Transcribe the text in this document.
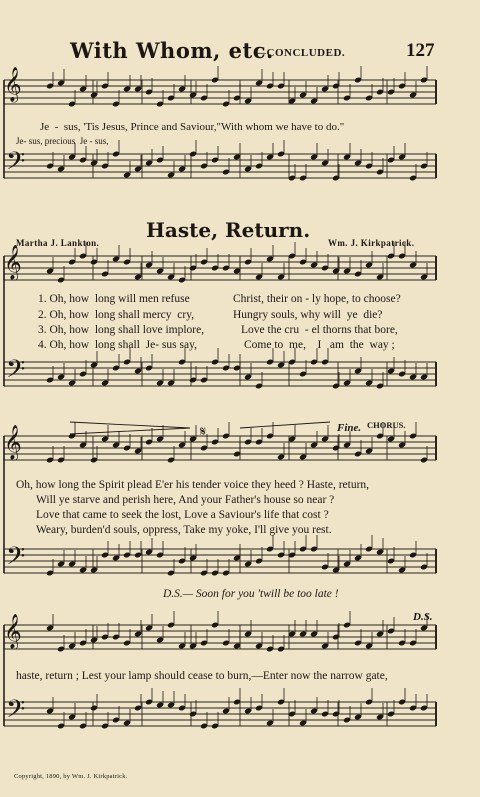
With Whom, etc.
—CONCLUDED.	127
𝄞
𝄢
𝄞
𝄢
𝄞
𝄢
𝄞
𝄢
𝄋
Je  -  sus, 'Tis Jesus, Prince and Saviour,"With whom we have to do."
Je- sus, precious  Je - sus,
Haste, Return.
Martha J. Lankton.	Wm. J. Kirkpatrick.
1. Oh, how  long will men refuse	Christ, their on - ly hope, to choose?
2. Oh, how  long shall mercy  cry,	Hungry souls, why will  ye  die?
3. Oh, how  long shall love implore,	Love the cru  - el thorns that bore,
4. Oh, how  long shall  Je- sus say,	Come to  me,    I   am  the  way ;
Fine. CHORUS.
Oh, how long the Spirit plead E'er his tender voice they heed ? Haste, return,
Will ye starve and perish here, And your Father's house so near ?
Love that came to seek the lost, Love a Saviour's life that cost ?
Weary, burden'd souls, oppress, Take my yoke, I'll give you rest.
D.S.— Soon for you 'twill be too late !
D.S.
haste, return ; Lest your lamp should cease to burn,—Enter now the narrow gate,
Copyright, 1890, by Wm. J. Kirkpatrick.
